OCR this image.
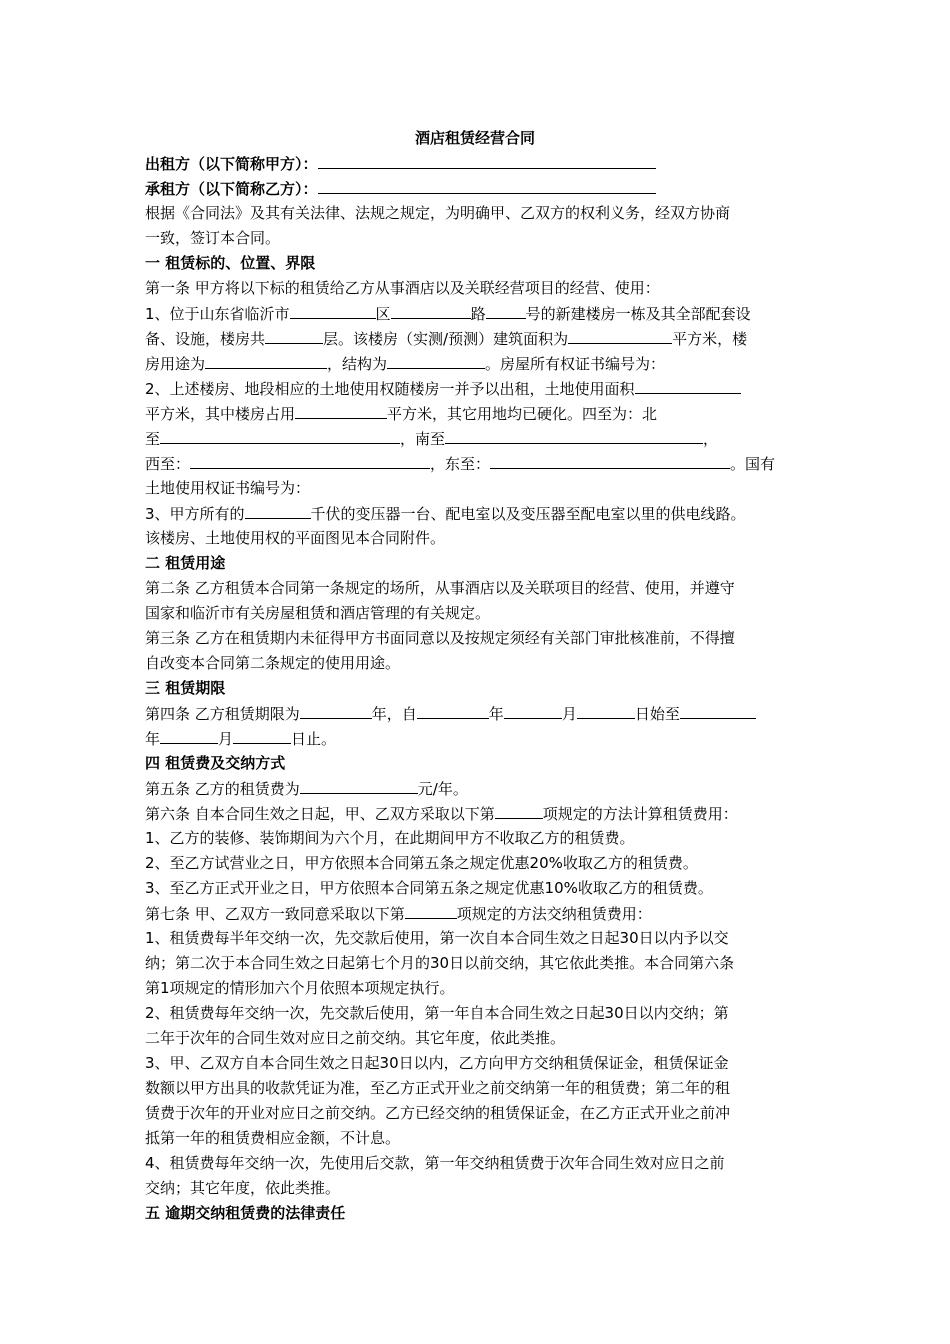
酒店租赁经营合同
出租方（以下简称甲方）：
承租方（以下简称乙方）：
根据《合同法》及其有关法律、法规之规定，为明确甲、乙双方的权利义务，经双方协商
一致，签订本合同。
一 租赁标的、位置、界限
第一条 甲方将以下标的租赁给乙方从事酒店以及关联经营项目的经营、使用：
1、位于山东省临沂市	区	路	号的新建楼房一栋及其全部配套设
备、设施，楼房共	层。该楼房（实测/预测）建筑面积为	平方米，楼
房用途为	，结构为	。房屋所有权证书编号为：
2、上述楼房、地段相应的土地使用权随楼房一并予以出租，土地使用面积
平方米，其中楼房占用	平方米，其它用地均已硬化。四至为：北
至	，南至	，
西至：	，东至：	。国有
土地使用权证书编号为：
3、甲方所有的	千伏的变压器一台、配电室以及变压器至配电室以里的供电线路。
该楼房、土地使用权的平面图见本合同附件。
二 租赁用途
第二条 乙方租赁本合同第一条规定的场所，从事酒店以及关联项目的经营、使用，并遵守
国家和临沂市有关房屋租赁和酒店管理的有关规定。
第三条 乙方在租赁期内未征得甲方书面同意以及按规定须经有关部门审批核准前，不得擅
自改变本合同第二条规定的使用用途。
三 租赁期限
第四条 乙方租赁期限为	年，自	年	月	日始至
年	月	日止。
四 租赁费及交纳方式
第五条 乙方的租赁费为	元/年。
第六条 自本合同生效之日起，甲、乙双方采取以下第	项规定的方法计算租赁费用：
1、乙方的装修、装饰期间为六个月，在此期间甲方不收取乙方的租赁费。
2、至乙方试营业之日，甲方依照本合同第五条之规定优惠20%收取乙方的租赁费。
3、至乙方正式开业之日，甲方依照本合同第五条之规定优惠10%收取乙方的租赁费。
第七条 甲、乙双方一致同意采取以下第	项规定的方法交纳租赁费用：
1、租赁费每半年交纳一次，先交款后使用，第一次自本合同生效之日起30日以内予以交
纳；第二次于本合同生效之日起第七个月的30日以前交纳，其它依此类推。本合同第六条
第1项规定的情形加六个月依照本项规定执行。
2、租赁费每年交纳一次，先交款后使用，第一年自本合同生效之日起30日以内交纳；第
二年于次年的合同生效对应日之前交纳。其它年度，依此类推。
3、甲、乙双方自本合同生效之日起30日以内，乙方向甲方交纳租赁保证金，租赁保证金
数额以甲方出具的收款凭证为准，至乙方正式开业之前交纳第一年的租赁费；第二年的租
赁费于次年的开业对应日之前交纳。乙方已经交纳的租赁保证金，在乙方正式开业之前冲
抵第一年的租赁费相应金额，不计息。
4、租赁费每年交纳一次，先使用后交款，第一年交纳租赁费于次年合同生效对应日之前
交纳；其它年度，依此类推。
五 逾期交纳租赁费的法律责任
